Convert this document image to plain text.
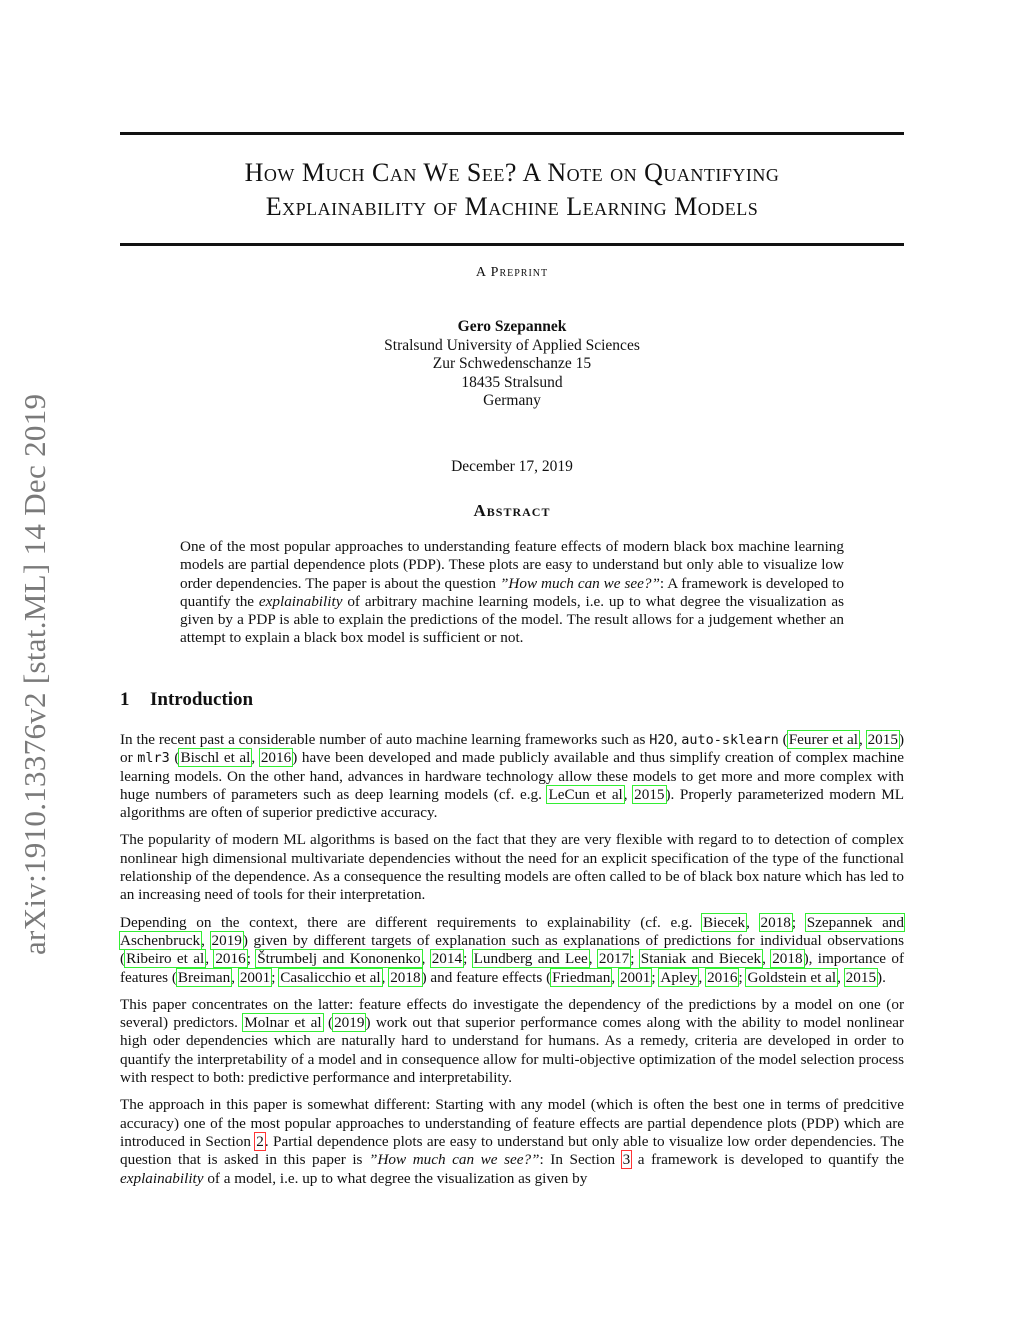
arXiv:1910.13376v2 [stat.ML] 14 Dec 2019
How Much Can We See? A Note on Quantifying
Explainability of Machine Learning Models
A Preprint
Gero Szepannek
Stralsund University of Applied Sciences
Zur Schwedenschanze 15
18435 Stralsund
Germany
December 17, 2019
Abstract

One of the most popular approaches to understanding feature effects of modern black box machine learning models are partial dependence plots (PDP). These plots are easy to understand but only able to visualize low order dependencies. The paper is about the question ”How much can we see?”: A framework is developed to quantify the explainability of arbitrary machine learning models, i.e. up to what degree the visualization as given by a PDP is able to explain the predictions of the model. The result allows for a judgement whether an attempt to explain a black box model is sufficient or not.

1 Introduction

In the recent past a considerable number of auto machine learning frameworks such as H2O, auto-sklearn (Feurer et al, 2015) or mlr3 (Bischl et al, 2016) have been developed and made publicly available and thus simplify creation of complex machine learning models. On the other hand, advances in hardware technology allow these models to get more and more complex with huge numbers of parameters such as deep learning models (cf. e.g. LeCun et al, 2015). Properly parameterized modern ML algorithms are often of superior predictive accuracy.

The popularity of modern ML algorithms is based on the fact that they are very flexible with regard to to detection of complex nonlinear high dimensional multivariate dependencies without the need for an explicit specification of the type of the functional relationship of the dependence. As a consequence the resulting models are often called to be of black box nature which has led to an increasing need of tools for their interpretation.

Depending on the context, there are different requirements to explainability (cf. e.g. Biecek, 2018; Szepannek and Aschenbruck, 2019) given by different targets of explanation such as explanations of predictions for individual observations (Ribeiro et al, 2016; Štrumbelj and Kononenko, 2014; Lundberg and Lee, 2017; Staniak and Biecek, 2018), importance of features (Breiman, 2001; Casalicchio et al, 2018) and feature effects (Friedman, 2001; Apley, 2016; Goldstein et al, 2015).

This paper concentrates on the latter: feature effects do investigate the dependency of the predictions by a model on one (or several) predictors. Molnar et al (2019) work out that superior performance comes along with the ability to model nonlinear high oder dependencies which are naturally hard to understand for humans. As a remedy, criteria are developed in order to quantify the interpretability of a model and in consequence allow for multi-objective optimization of the model selection process with respect to both: predictive performance and interpretability.

The approach in this paper is somewhat different: Starting with any model (which is often the best one in terms of predcitive accuracy) one of the most popular approaches to understanding of feature effects are partial dependence plots (PDP) which are introduced in Section 2. Partial dependence plots are easy to understand but only able to visualize low order dependencies. The question that is asked in this paper is ”How much can we see?”: In Section 3 a framework is developed to quantify the explainability of a model, i.e. up to what degree the visualization as given by
